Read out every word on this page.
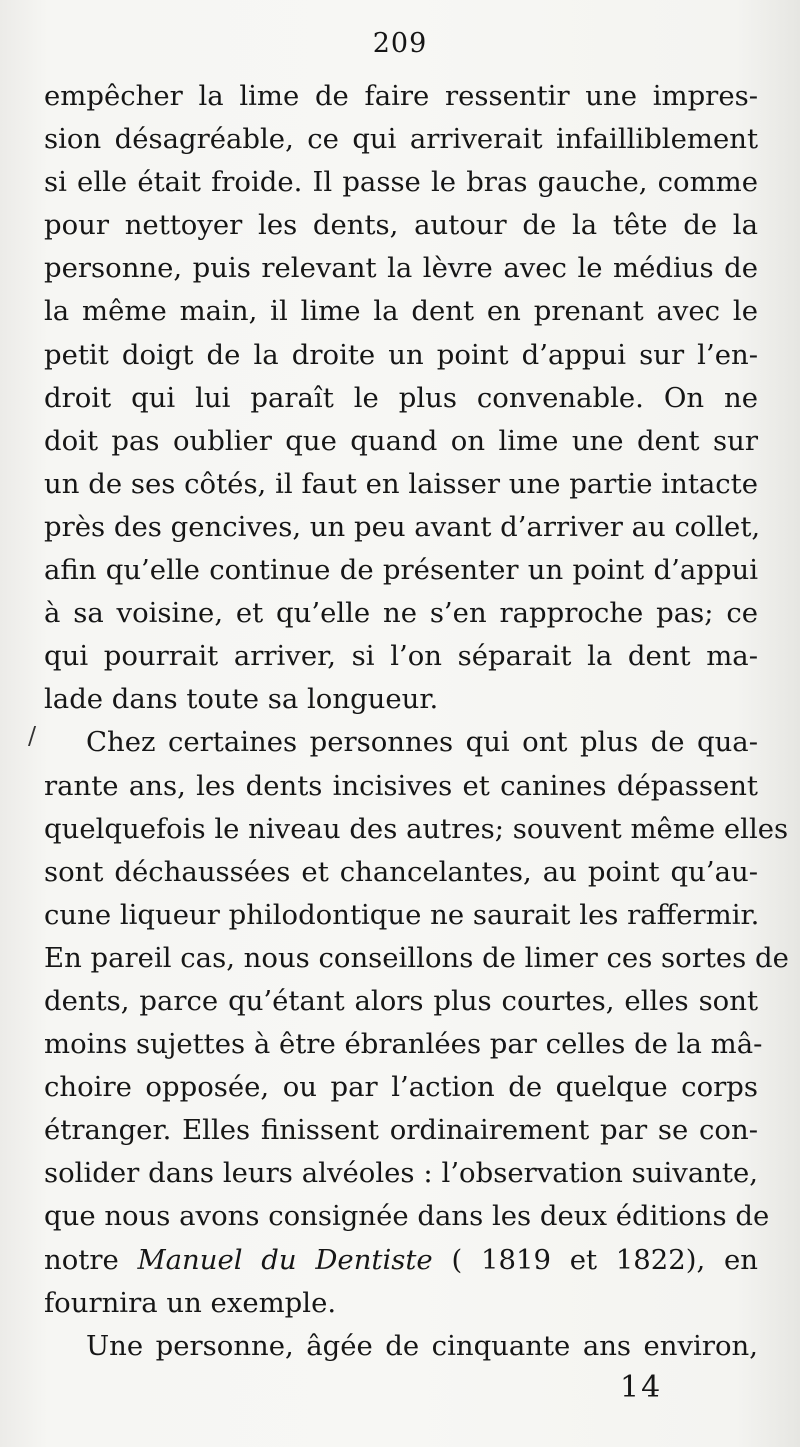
209
empêcher la lime de faire ressentir une impres-
sion désagréable, ce qui arriverait infailliblement
si elle était froide. Il passe le bras gauche, comme
pour nettoyer les dents, autour de la tête de la
personne, puis relevant la lèvre avec le médius de
la même main, il lime la dent en prenant avec le
petit doigt de la droite un point d’appui sur l’en-
droit qui lui paraît le plus convenable. On ne
doit pas oublier que quand on lime une dent sur
un de ses côtés, il faut en laisser une partie intacte
près des gencives, un peu avant d’arriver au collet,
afin qu’elle continue de présenter un point d’appui
à sa voisine, et qu’elle ne s’en rapproche pas; ce
qui pourrait arriver, si l’on séparait la dent ma-
lade dans toute sa longueur.
Chez certaines personnes qui ont plus de qua-
rante ans, les dents incisives et canines dépassent
quelquefois le niveau des autres; souvent même elles
sont déchaussées et chancelantes, au point qu’au-
cune liqueur philodontique ne saurait les raffermir.
En pareil cas, nous conseillons de limer ces sortes de
dents, parce qu’étant alors plus courtes, elles sont
moins sujettes à être ébranlées par celles de la mâ-
choire opposée, ou par l’action de quelque corps
étranger. Elles finissent ordinairement par se con-
solider dans leurs alvéoles : l’observation suivante,
que nous avons consignée dans les deux éditions de
notre Manuel du Dentiste ( 1819 et 1822), en
fournira un exemple.
Une personne, âgée de cinquante ans environ,
14
/
